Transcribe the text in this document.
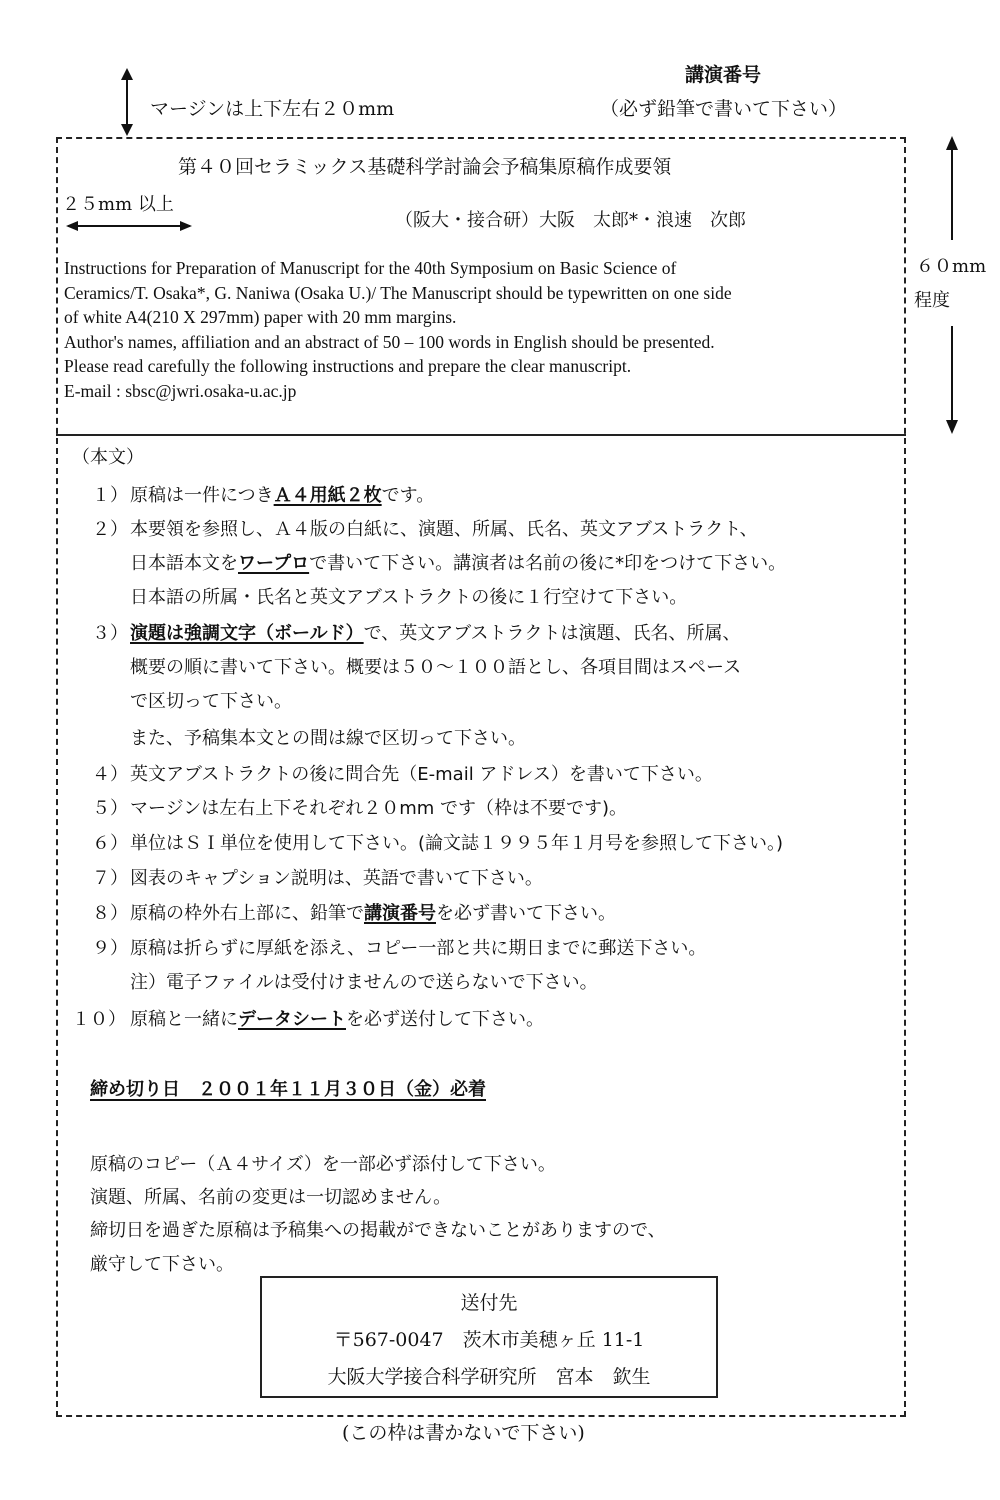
マージンは上下左右２０mm
講演番号
（必ず鉛筆で書いて下さい）
第４０回セラミックス基礎科学討論会予稿集原稿作成要領
２５mm 以上
（阪大・接合研）大阪　太郎*・浪速　次郎
Instructions for Preparation of Manuscript for the 40th Symposium on Basic Science of
Ceramics/T. Osaka*, G. Naniwa (Osaka U.)/ The Manuscript should be typewritten on one side
of white A4(210 X 297mm) paper with 20 mm margins.
Author's names, affiliation and an abstract of 50 – 100 words in English should be presented.
Please read carefully the following instructions and prepare the clear manuscript.
E-mail : sbsc@jwri.osaka-u.ac.jp
６０mm
程度
（本文）
１） 原稿は一件につきＡ４用紙２枚です。
２） 本要領を参照し、Ａ４版の白紙に、演題、所属、氏名、英文アブストラクト、
日本語本文をワープロで書いて下さい。講演者は名前の後に*印をつけて下さい。
日本語の所属・氏名と英文アブストラクトの後に１行空けて下さい。
３） 演題は強調文字（ボールド）で、英文アブストラクトは演題、氏名、所属、
概要の順に書いて下さい。概要は５０～１００語とし、各項目間はスペース
で区切って下さい。
また、予稿集本文との間は線で区切って下さい。
４） 英文アブストラクトの後に問合先（E-mail アドレス）を書いて下さい。
５） マージンは左右上下それぞれ２０mm です（枠は不要です)。
６） 単位はＳＩ単位を使用して下さい。(論文誌１９９５年１月号を参照して下さい。)
７） 図表のキャプション説明は、英語で書いて下さい。
８） 原稿の枠外右上部に、鉛筆で講演番号を必ず書いて下さい。
９） 原稿は折らずに厚紙を添え、コピー一部と共に期日までに郵送下さい。
注）電子ファイルは受付けませんので送らないで下さい。
１０） 原稿と一緒にデータシートを必ず送付して下さい。
締め切り日　２００１年１１月３０日（金）必着
原稿のコピー（Ａ４サイズ）を一部必ず添付して下さい。
演題、所属、名前の変更は一切認めません。
締切日を過ぎた原稿は予稿集への掲載ができないことがありますので、
厳守して下さい。
送付先
〒567-0047　茨木市美穂ヶ丘 11-1
大阪大学接合科学研究所　宮本　欽生
(この枠は書かないで下さい)
